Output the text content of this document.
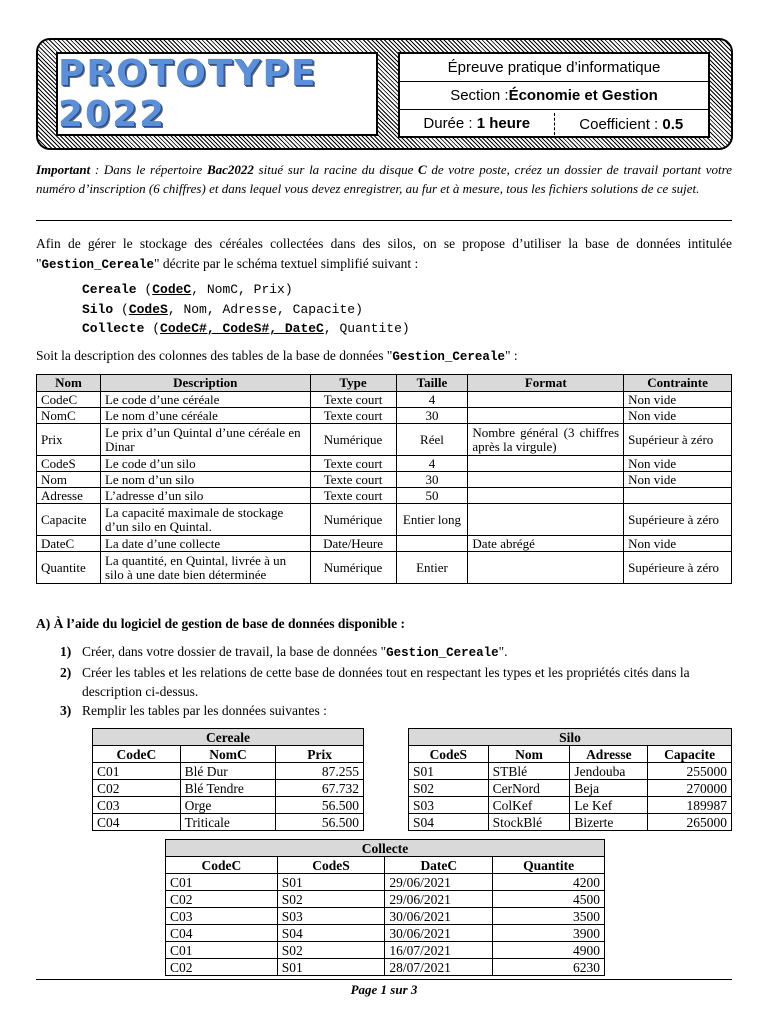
PROTOTYPE 2022
Épreuve pratique d’informatique
Section : Économie et Gestion
Durée : 1 heure	Coefficient : 0.5
Important : Dans le répertoire Bac2022 situé sur la racine du disque C de votre poste, créez un dossier de travail portant votre numéro d’inscription (6 chiffres) et dans lequel vous devez enregistrer, au fur et à mesure, tous les fichiers solutions de ce sujet.
Afin de gérer le stockage des céréales collectées dans des silos, on se propose d’utiliser la base de données intitulée "Gestion_Cereale" décrite par le schéma textuel simplifié suivant :
Cereale (CodeC, NomC, Prix)
Silo (CodeS, Nom, Adresse, Capacite)
Collecte (CodeC#, CodeS#, DateC, Quantite)
Soit la description des colonnes des tables de la base de données "Gestion_Cereale" :
Nom	Description	Type	Taille	Format	Contrainte
CodeC	Le code d’une céréale	Texte court	4		Non vide
NomC	Le nom d’une céréale	Texte court	30		Non vide
Prix	Le prix d’un Quintal d’une céréale en Dinar	Numérique	Réel	Nombre général (3 chiffres après la virgule)	Supérieur à zéro
CodeS	Le code d’un silo	Texte court	4		Non vide
Nom	Le nom d’un silo	Texte court	30		Non vide
Adresse	L’adresse d’un silo	Texte court	50		
Capacite	La capacité maximale de stockage d’un silo en Quintal.	Numérique	Entier long		Supérieure à zéro
DateC	La date d’une collecte	Date/Heure		Date abrégé	Non vide
Quantite	La quantité, en Quintal, livrée à un silo à une date bien déterminée	Numérique	Entier		Supérieure à zéro
A) À l’aide du logiciel de gestion de base de données disponible :
1) Créer, dans votre dossier de travail, la base de données "Gestion_Cereale".
2) Créer les tables et les relations de cette base de données tout en respectant les types et les propriétés cités dans la description ci-dessus.
3) Remplir les tables par les données suivantes :
Cereale		
CodeC	NomC	Prix
C01	Blé Dur	87.255
C02	Blé Tendre	67.732
C03	Orge	56.500
C04	Triticale	56.500
Silo			
CodeS	Nom	Adresse	Capacite
S01	STBlé	Jendouba	255000
S02	CerNord	Beja	270000
S03	ColKef	Le Kef	189987
S04	StockBlé	Bizerte	265000
Collecte			
CodeC	CodeS	DateC	Quantite
C01	S01	29/06/2021	4200
C02	S02	29/06/2021	4500
C03	S03	30/06/2021	3500
C04	S04	30/06/2021	3900
C01	S02	16/07/2021	4900
C02	S01	28/07/2021	6230
Page 1 sur 3
